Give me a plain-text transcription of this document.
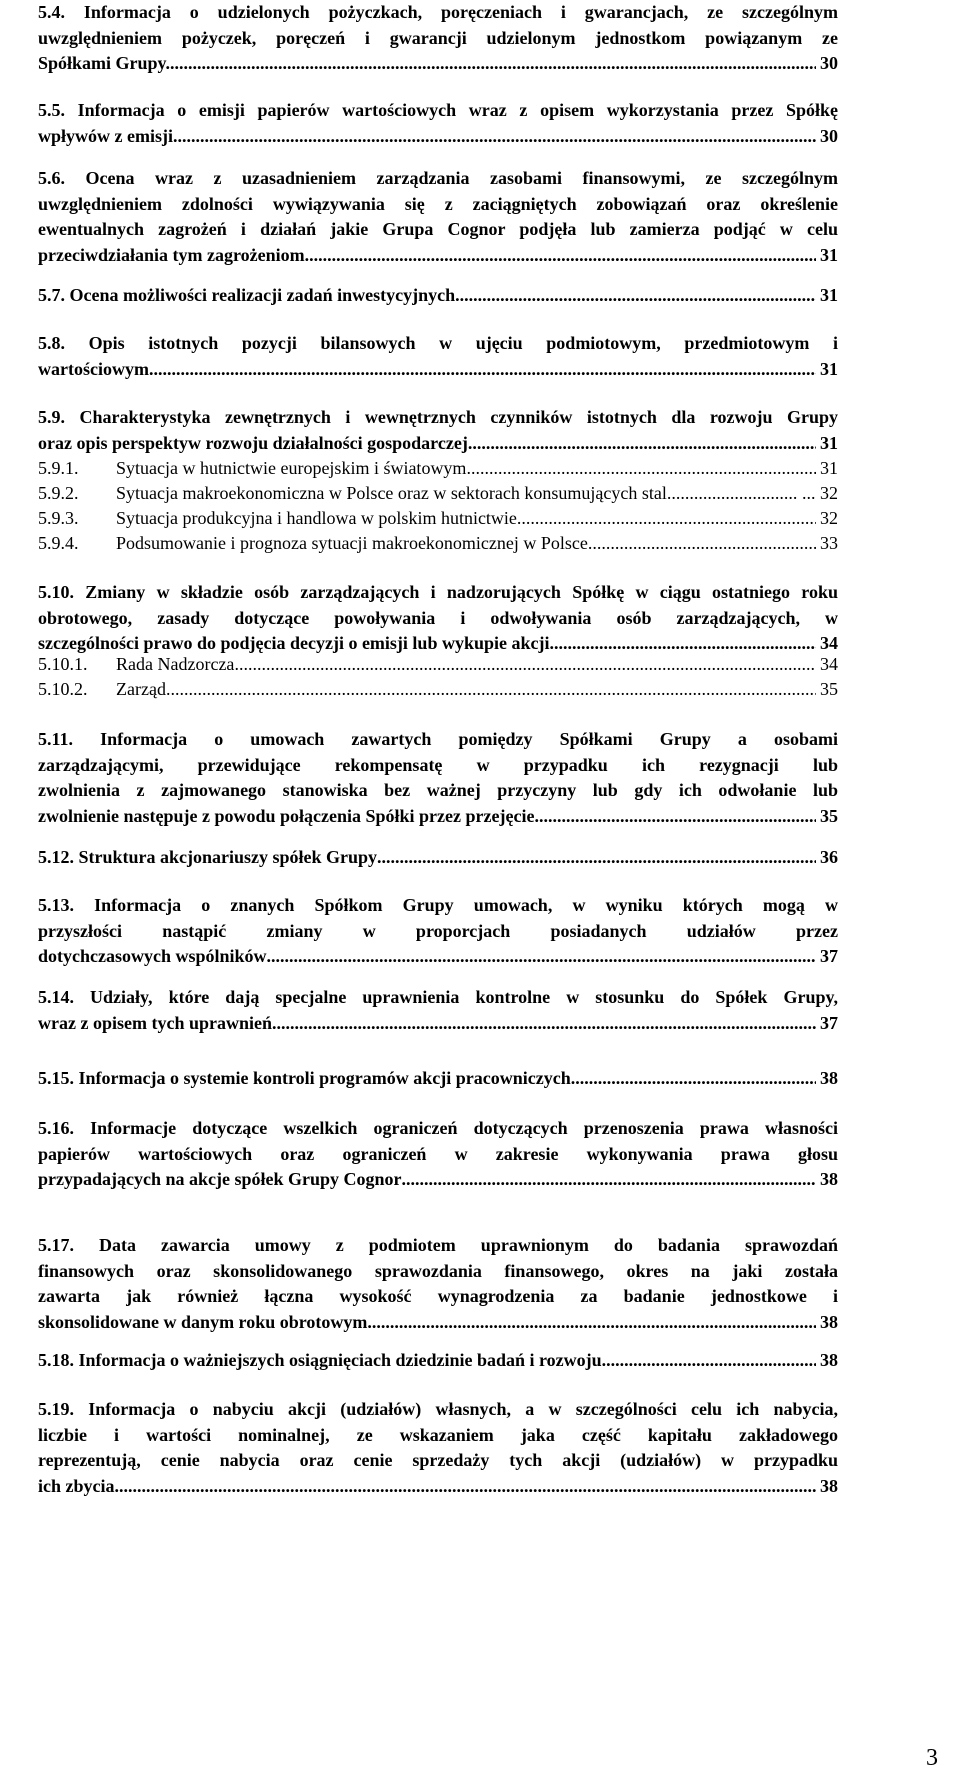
5.4. Informacja o udzielonych pożyczkach, poręczeniach i gwarancjach, ze szczególnym
uwzględnieniem pożyczek, poręczeń i gwarancji udzielonym jednostkom powiązanym ze
Spółkami Grupy. .....	30
5.5. Informacja o emisji papierów wartościowych wraz z opisem wykorzystania przez Spółkę
wpływów z emisji .....	30
5.6. Ocena wraz z uzasadnieniem zarządzania zasobami finansowymi, ze szczególnym
uwzględnieniem zdolności wywiązywania się z zaciągniętych zobowiązań oraz określenie
ewentualnych zagrożeń i działań jakie Grupa Cognor podjęła lub zamierza podjąć w celu
przeciwdziałania tym zagrożeniom .....	31
5.7. Ocena możliwości realizacji zadań inwestycyjnych .....	31
5.8. Opis istotnych pozycji bilansowych w ujęciu podmiotowym, przedmiotowym i
wartościowym .....	31
5.9. Charakterystyka zewnętrznych i wewnętrznych czynników istotnych dla rozwoju Grupy
oraz opis perspektyw rozwoju działalności gospodarczej .....	31
5.9.1.	Sytuacja w hutnictwie europejskim i światowym .....	31
5.9.2.	Sytuacja makroekonomiczna w Polsce oraz w sektorach konsumujących stal .....	... 32
5.9.3.	Sytuacja produkcyjna i handlowa w polskim hutnictwie .....	32
5.9.4.	Podsumowanie i prognoza sytuacji makroekonomicznej w Polsce. .....	33
5.10. Zmiany w składzie osób zarządzających i nadzorujących Spółkę w ciągu ostatniego roku
obrotowego, zasady dotyczące powoływania i odwoływania osób zarządzających, w
szczególności prawo do podjęcia decyzji o emisji lub wykupie akcji .....	34
5.10.1.	Rada Nadzorcza .....	34
5.10.2.	Zarząd .....	35
5.11. Informacja o umowach zawartych pomiędzy Spółkami Grupy a osobami
zarządzającymi, przewidujące rekompensatę w przypadku ich rezygnacji lub
zwolnienia z zajmowanego stanowiska bez ważnej przyczyny lub gdy ich odwołanie lub
zwolnienie następuje z powodu połączenia Spółki przez przejęcie .....	35
5.12. Struktura akcjonariuszy spółek Grupy .....	36
5.13. Informacja o znanych Spółkom Grupy umowach, w wyniku których mogą w
przyszłości nastąpić zmiany w proporcjach posiadanych udziałów przez
dotychczasowych wspólników .....	37
5.14. Udziały, które dają specjalne uprawnienia kontrolne w stosunku do Spółek Grupy,
wraz z opisem tych uprawnień .....	37
5.15. Informacja o systemie kontroli programów akcji pracowniczych .....	38
5.16. Informacje dotyczące wszelkich ograniczeń dotyczących przenoszenia prawa własności
papierów wartościowych oraz ograniczeń w zakresie wykonywania prawa głosu
przypadających na akcje spółek Grupy Cognor .....	38
5.17. Data zawarcia umowy z podmiotem uprawnionym do badania sprawozdań
finansowych oraz skonsolidowanego sprawozdania finansowego, okres na jaki została
zawarta jak również łączna wysokość wynagrodzenia za badanie jednostkowe i
skonsolidowane w danym roku obrotowym. .....	38
5.18. Informacja o ważniejszych osiągnięciach dziedzinie badań i rozwoju. .....	38
5.19. Informacja o nabyciu akcji (udziałów) własnych, a w szczególności celu ich nabycia,
liczbie i wartości nominalnej, ze wskazaniem jaka część kapitału zakładowego
reprezentują, cenie nabycia oraz cenie sprzedaży tych akcji (udziałów) w przypadku
ich zbycia. .....	38
3
